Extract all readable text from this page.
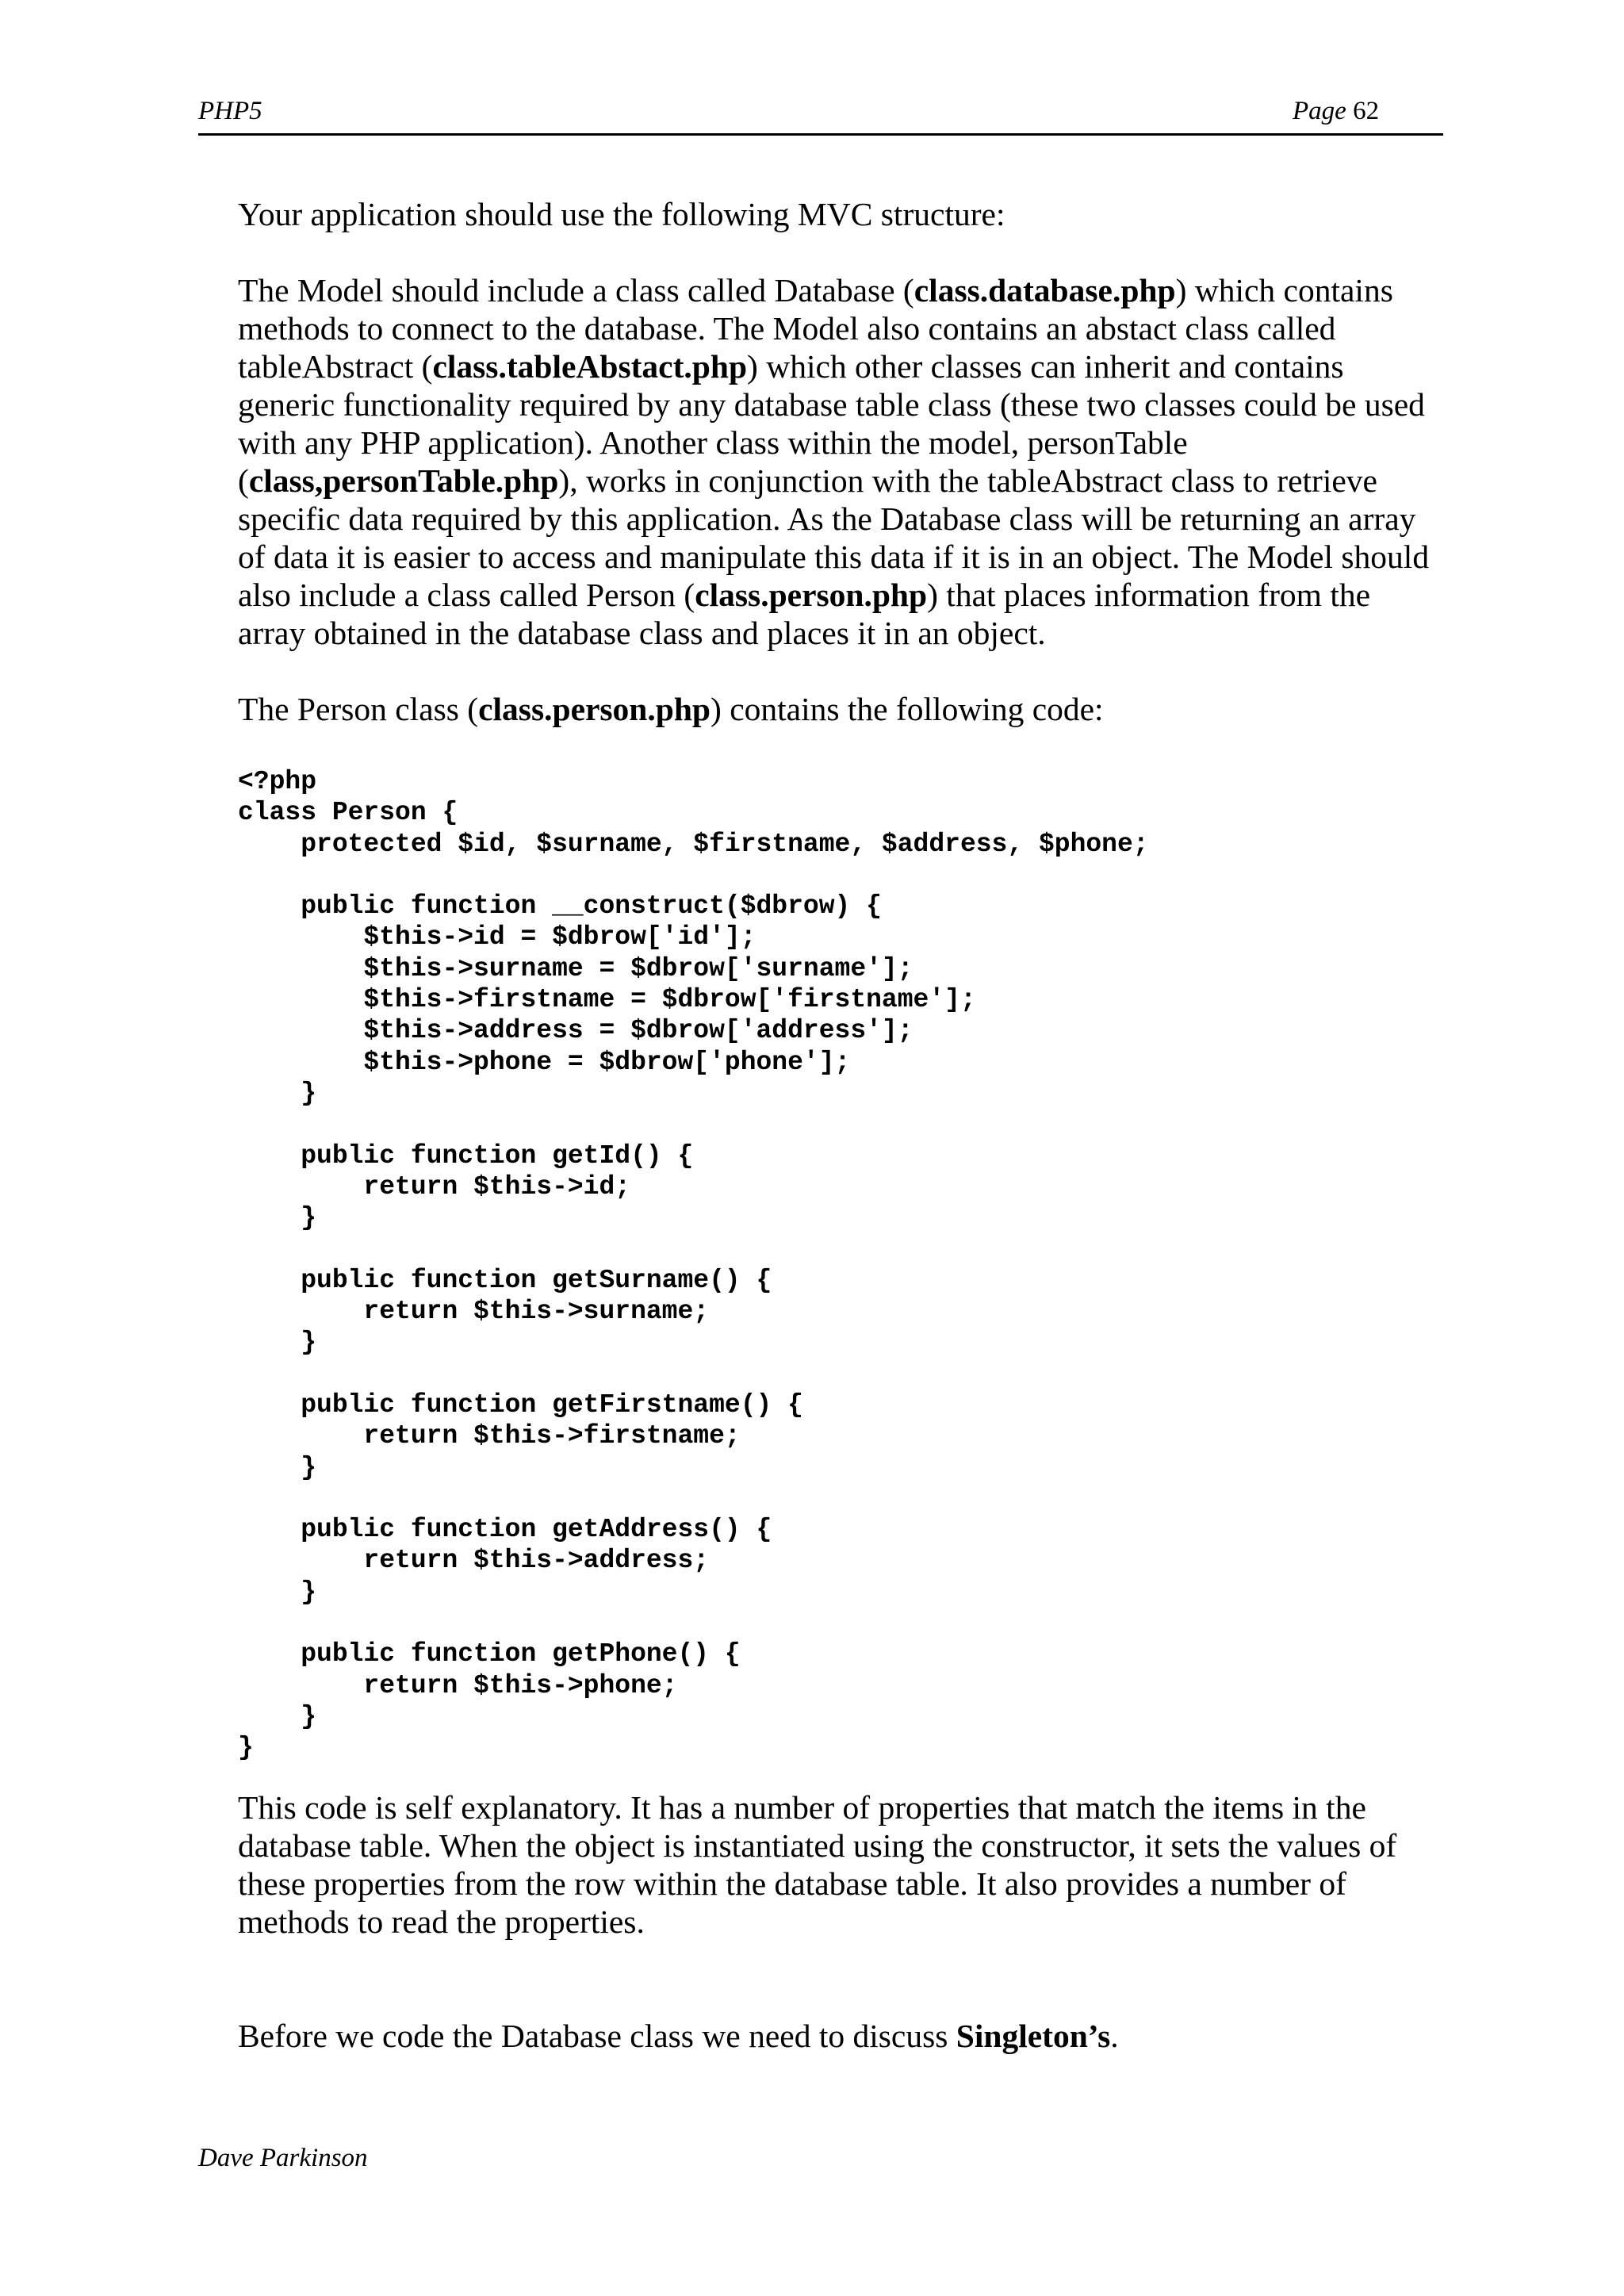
PHP5	Page 62

Your application should use the following MVC structure:

The Model should include a class called Database (class.database.php) which contains
methods to connect to the database. The Model also contains an abstact class called
tableAbstract (class.tableAbstact.php) which other classes can inherit and contains
generic functionality required by any database table class (these two classes could be used
with any PHP application). Another class within the model, personTable
(class,personTable.php), works in conjunction with the tableAbstract class to retrieve
specific data required by this application. As the Database class will be returning an array
of data it is easier to access and manipulate this data if it is in an object. The Model should
also include a class called Person (class.person.php) that places information from the
array obtained in the database class and places it in an object.

The Person class (class.person.php) contains the following code:

<?php
class Person {
protected $id, $surname, $firstname, $address, $phone;

public function __construct($dbrow) {
$this->id = $dbrow['id'];
$this->surname = $dbrow['surname'];
$this->firstname = $dbrow['firstname'];
$this->address = $dbrow['address'];
$this->phone = $dbrow['phone'];
}

public function getId() {
return $this->id;
}

public function getSurname() {
return $this->surname;
}

public function getFirstname() {
return $this->firstname;
}

public function getAddress() {
return $this->address;
}

public function getPhone() {
return $this->phone;
}
}

This code is self explanatory. It has a number of properties that match the items in the
database table. When the object is instantiated using the constructor, it sets the values of
these properties from the row within the database table. It also provides a number of
methods to read the properties.

Before we code the Database class we need to discuss Singleton’s.

Dave Parkinson
